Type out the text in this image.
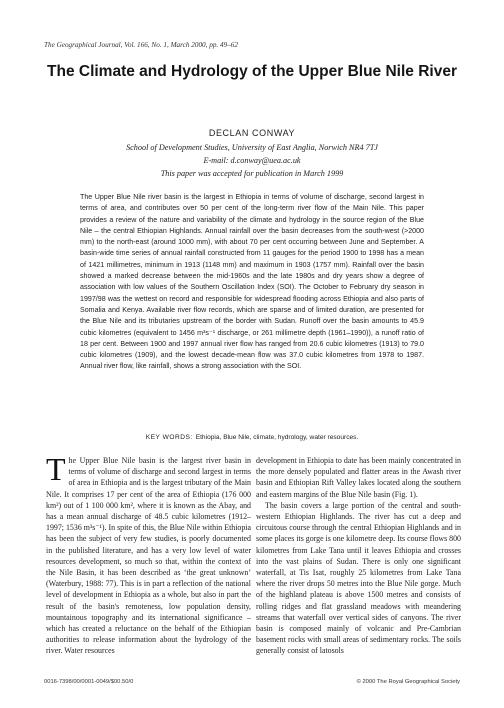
The Geographical Journal, Vol. 166, No. 1, March 2000, pp. 49–62
The Climate and Hydrology of the Upper Blue Nile River
DECLAN CONWAY
School of Development Studies, University of East Anglia, Norwich NR4 7TJ
E-mail: d.conway@uea.ac.uk
This paper was accepted for publication in March 1999
The Upper Blue Nile river basin is the largest in Ethiopia in terms of volume of discharge, second largest in terms of area, and contributes over 50 per cent of the long-term river flow of the Main Nile. This paper provides a review of the nature and variability of the climate and hydrology in the source region of the Blue Nile – the central Ethiopian Highlands. Annual rainfall over the basin decreases from the south-west (>2000 mm) to the north-east (around 1000 mm), with about 70 per cent occurring between June and September. A basin-wide time series of annual rainfall constructed from 11 gauges for the period 1900 to 1998 has a mean of 1421 millimetres, minimum in 1913 (1148 mm) and maximum in 1903 (1757 mm). Rainfall over the basin showed a marked decrease between the mid-1960s and the late 1980s and dry years show a degree of association with low values of the Southern Oscillation Index (SOI). The October to February dry season in 1997/98 was the wettest on record and responsible for widespread flooding across Ethiopia and also parts of Somalia and Kenya. Available river flow records, which are sparse and of limited duration, are presented for the Blue Nile and its tributaries upstream of the border with Sudan. Runoff over the basin amounts to 45.9 cubic kilometres (equivalent to 1456 m³s⁻¹ discharge, or 261 millimetre depth (1961–1990)), a runoff ratio of 18 per cent. Between 1900 and 1997 annual river flow has ranged from 20.6 cubic kilometres (1913) to 79.0 cubic kilometres (1909), and the lowest decade-mean flow was 37.0 cubic kilometres from 1978 to 1987. Annual river flow, like rainfall, shows a strong association with the SOI.
KEY WORDS: Ethiopia, Blue Nile, climate, hydrology, water resources.

The Upper Blue Nile basin is the largest river basin in terms of volume of discharge and second largest in terms of area in Ethiopia and is the largest tributary of the Main Nile. It comprises 17 per cent of the area of Ethiopia (176 000 km²) out of 1 100 000 km², where it is known as the Abay, and has a mean annual discharge of 48.5 cubic kilometres (1912–1997; 1536 m³s⁻¹). In spite of this, the Blue Nile within Ethiopia has been the subject of very few studies, is poorly documented in the published literature, and has a very low level of water resources development, so much so that, within the context of the Nile Basin, it has been described as ‘the great unknown’ (Waterbury, 1988: 77). This is in part a reflection of the national level of development in Ethiopia as a whole, but also in part the result of the basin's remoteness, low population density, mountainous topography and its international significance – which has created a reluctance on the behalf of the Ethiopian authorities to release information about the hydrology of the river. Water resources

development in Ethiopia to date has been mainly concentrated in the more densely populated and flatter areas in the Awash river basin and Ethiopian Rift Valley lakes located along the southern and eastern margins of the Blue Nile basin (Fig. 1).

The basin covers a large portion of the central and south-western Ethiopian Highlands. The river has cut a deep and circuitous course through the central Ethiopian Highlands and in some places its gorge is one kilometre deep. Its course flows 800 kilometres from Lake Tana until it leaves Ethiopia and crosses into the vast plains of Sudan. There is only one significant waterfall, at Tis Isat, roughly 25 kilometres from Lake Tana where the river drops 50 metres into the Blue Nile gorge. Much of the highland plateau is above 1500 metres and consists of rolling ridges and flat grassland meadows with meandering streams that waterfall over vertical sides of canyons. The river basin is composed mainly of volcanic and Pre-Cambrian basement rocks with small areas of sedimentary rocks. The soils generally consist of latosols

0016-7398/00/0001-0049/$00.50/0	© 2000 The Royal Geographical Society
